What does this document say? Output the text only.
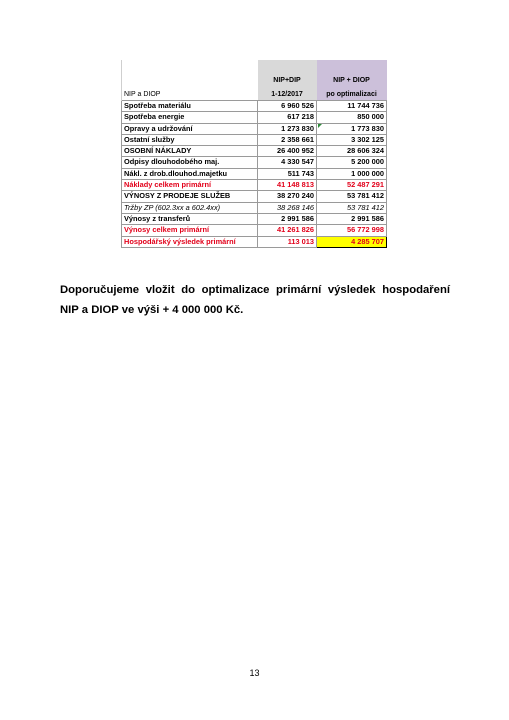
	NIP+DIP	NIP + DIOP
NIP a DIOP	1-12/2017	po optimalizaci
Spotřeba materiálu	6 960 526	11 744 736
Spotřeba energie	617 218	850 000
Opravy a udržování	1 273 830	1 773 830
Ostatní služby	2 358 661	3 302 125
OSOBNÍ NÁKLADY	26 400 952	28 606 324
Odpisy dlouhodobého maj.	4 330 547	5 200 000
Nákl. z drob.dlouhod.majetku	511 743	1 000 000
Náklady celkem primární	41 148 813	52 487 291
VÝNOSY Z PRODEJE SLUŽEB	38 270 240	53 781 412
Tržby ZP (602.3xx a 602.4xx)	38 268 146	53 781 412
Výnosy z transferů	2 991 586	2 991 586
Výnosy celkem primární	41 261 826	56 772 998
Hospodářský výsledek primární	113 013	4 285 707

Doporučujeme vložit do optimalizace primární výsledek hospodaření NIP a DIOP ve výši + 4 000 000 Kč.

13
